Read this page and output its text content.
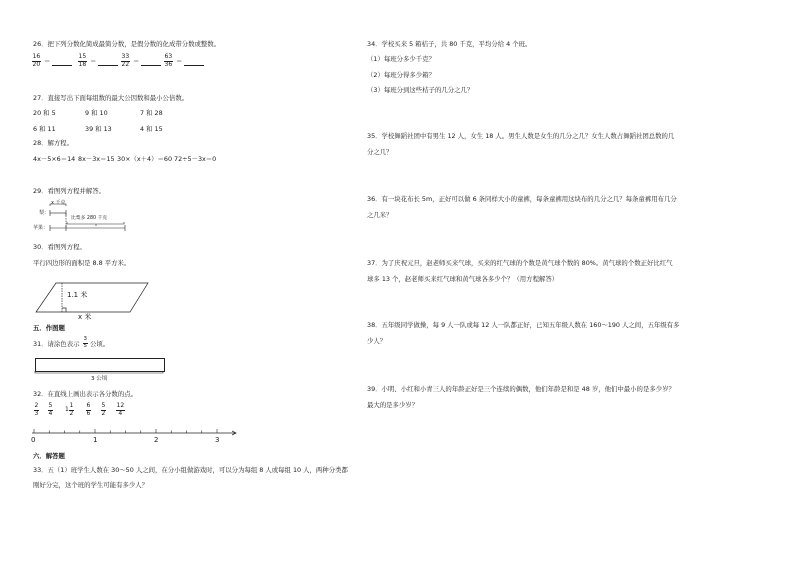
26．把下列分数化简成最简分数，是假分数的化成带分数或整数。
$\frac{16}{20}$ ＝	$\frac{15}{18}$ ＝	$\frac{33}{22}$ ＝	$\frac{63}{36}$ ＝
27．直接写出下面每组数的最大公因数和最小公倍数。
20 和 5	9 和 10	7 和 28
6 和 11	39 和 13	4 和 15
28．解方程。
4x－5×6＝14 8x－3x＝15 30×（x＋4）＝60 72÷5－3x＝0
29．看图列方程并解答。
x 千克
梨：
苹果：
比梨多 280 千克
30．看图列方程。
平行四边形的面积是 8.8 平方米。
1.1 米
x 米
五．作图题
31．请涂色表示 $\frac{3}{5}$ 公顷。
3 公顷
32．在直线上画出表示各分数的点。
$\frac{2}{3} \frac{5}{4} 1 \frac{1}{2} \frac{6}{6} \frac{5}{2} \frac{12}{4}$
0	1	2	3
六．解答题
33．五（1）班学生人数在 30～50 人之间，在分小组做游戏时，可以分为每组 8 人或每组 10 人，两种分类都
刚好分完，这个班的学生可能有多少人？
34．学校买来 5 箱桔子，共 80 千克，平均分给 4 个班。
（1）每班分多少千克？
（2）每班分得多少箱？
（3）每班分到这些桔子的几分之几？
35．学校舞蹈社团中有男生 12 人，女生 18 人。男生人数是女生的几分之几？女生人数占舞蹈社团总数的几
分之几？
36．有一块花布长 5m，正好可以做 6 条同样大小的童裤，每条童裤用这块布的几分之几？每条童裤用布几分
之几米？
37．为了庆祝元旦，赵老师买来气球，买来的红气球的个数是黄气球个数的 80%。黄气球的个数正好比红气
球多 13 个，赵老师买来红气球和黄气球各多少个？（用方程解答）
38．五年级同学做操，每 9 人一队或每 12 人一队都正好，已知五年级人数在 160～190 人之间，五年级有多
少人？
39．小明、小红和小青三人的年龄正好是三个连续的偶数，他们年龄是和是 48 岁，他们中最小的是多少岁？
最大的是多少岁？
